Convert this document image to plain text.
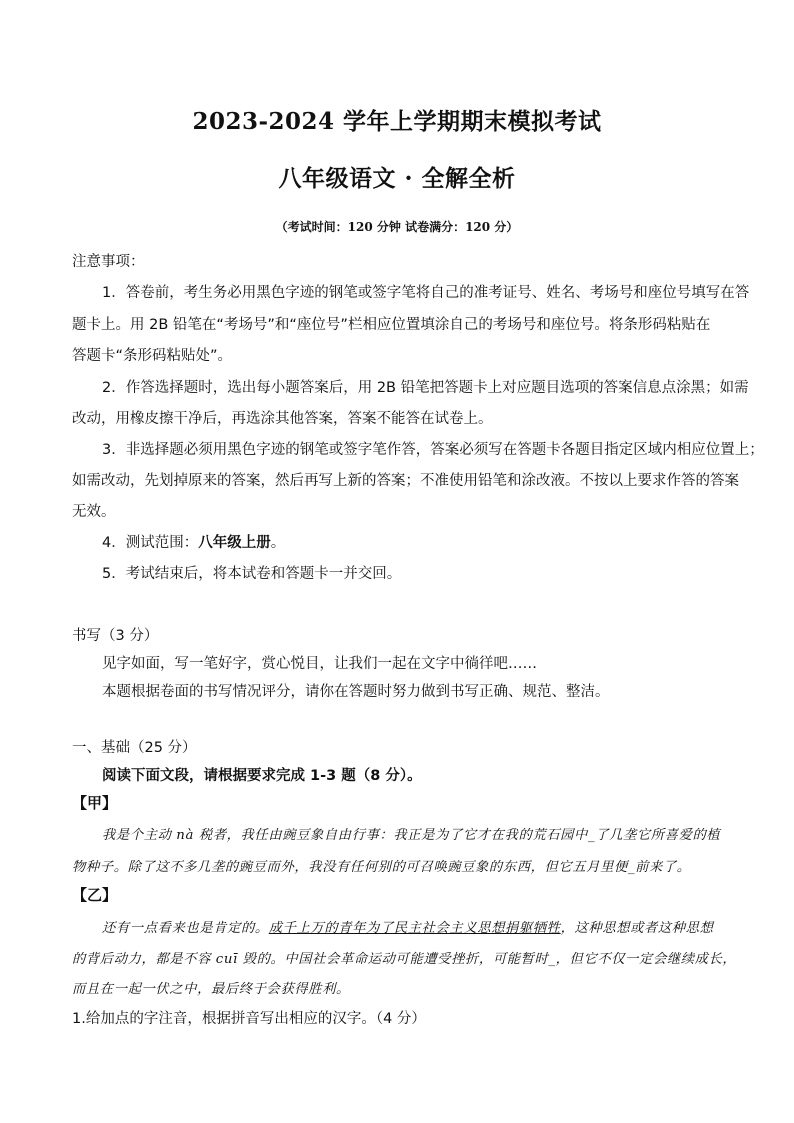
2023-2024 学年上学期期末模拟考试
八年级语文 · 全解全析
（考试时间：120 分钟 试卷满分：120 分）
注意事项：
1．答卷前，考生务必用黑色字迹的钢笔或签字笔将自己的准考证号、姓名、考场号和座位号填写在答
题卡上。用 2B 铅笔在“考场号”和“座位号”栏相应位置填涂自己的考场号和座位号。将条形码粘贴在
答题卡“条形码粘贴处”。
2．作答选择题时，选出每小题答案后，用 2B 铅笔把答题卡上对应题目选项的答案信息点涂黑；如需
改动，用橡皮擦干净后，再选涂其他答案，答案不能答在试卷上。
3．非选择题必须用黑色字迹的钢笔或签字笔作答，答案必须写在答题卡各题目指定区域内相应位置上；
如需改动，先划掉原来的答案，然后再写上新的答案；不准使用铅笔和涂改液。不按以上要求作答的答案
无效。
4．测试范围：八年级上册。
5．考试结束后，将本试卷和答题卡一并交回。
书写（3 分）
见字如面，写一笔好字，赏心悦目，让我们一起在文字中徜徉吧……
本题根据卷面的书写情况评分，请你在答题时努力做到书写正确、规范、整洁。
一、基础（25 分）
阅读下面文段，请根据要求完成 1-3 题（8 分）。
【甲】
我是个主动 nà 税者，我任由豌豆象自由行事：我正是为了它才在我的荒石园中_了几垄它所喜爱的植
物种子。除了这不多几垄的豌豆而外，我没有任何别的可召唤豌豆象的东西，但它五月里便_前来了。
【乙】
还有一点看来也是肯定的。成千上万的青年为了民主社会主义思想捐躯牺牲，这种思想或者这种思想
的背后动力，都是不容 cuī 毁的。中国社会革命运动可能遭受挫折，可能暂时_，但它不仅一定会继续成长，
而且在一起一伏之中，最后终于会获得胜利。
1.给加点的字注音，根据拼音写出相应的汉字。（4 分）
